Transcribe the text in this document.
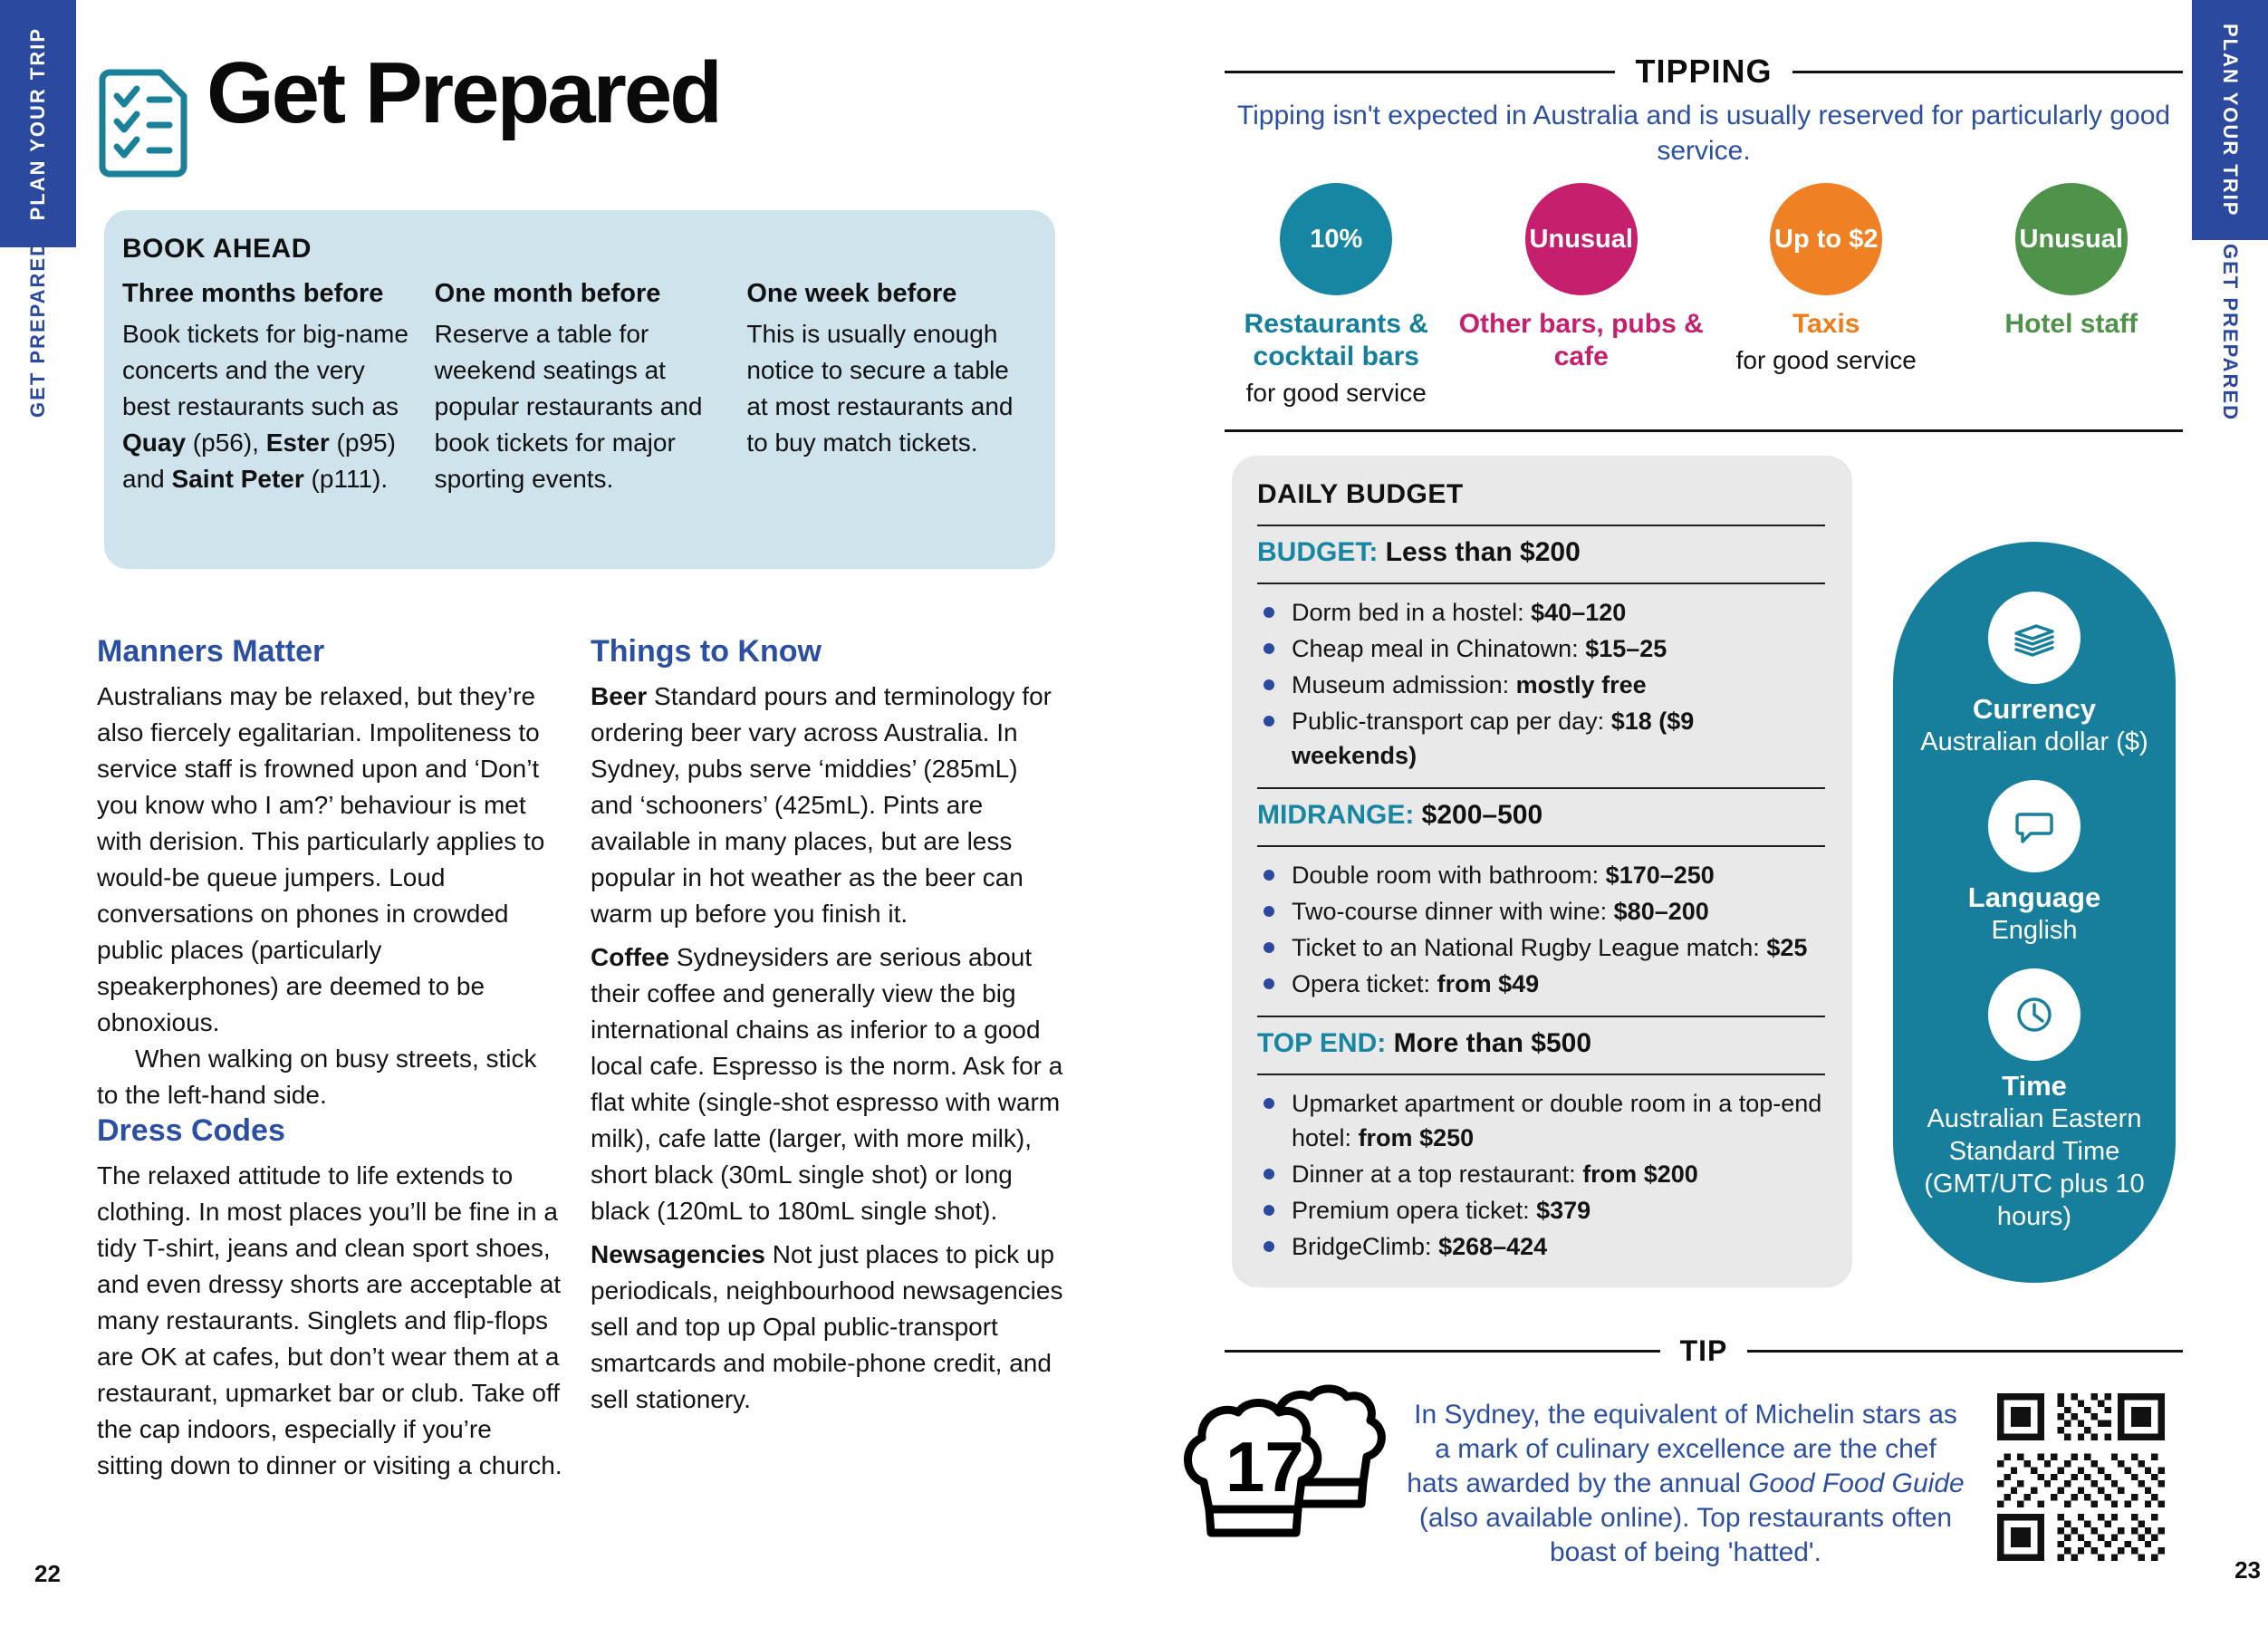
PLAN YOUR TRIP
GET PREPARED
PLAN YOUR TRIP
GET PREPARED
Get Prepared
BOOK AHEAD
Three months before

Book tickets for big-name concerts and the very best restaurants such as Quay (p56), Ester (p95) and Saint Peter (p111).

One month before

Reserve a table for weekend seatings at popular restaurants and book tickets for major sporting events.

One week before

This is usually enough notice to secure a table at most restaurants and to buy match tickets.

Manners Matter

Australians may be relaxed, but they’re also fiercely egalitarian. Impoliteness to service staff is frowned upon and ‘Don’t you know who I am?’ behaviour is met with derision. This particularly applies to would-be queue jumpers. Loud conversations on phones in crowded public places (particularly speakerphones) are deemed to be obnoxious.

When walking on busy streets, stick to the left-hand side.

Dress Codes

The relaxed attitude to life extends to clothing. In most places you’ll be fine in a tidy T-shirt, jeans and clean sport shoes, and even dressy shorts are acceptable at many restaurants. Singlets and flip-flops are OK at cafes, but don’t wear them at a restaurant, upmarket bar or club. Take off the cap indoors, especially if you’re sitting down to dinner or visiting a church.

Things to Know

Beer Standard pours and terminology for ordering beer vary across Australia. In Sydney, pubs serve ‘middies’ (285mL) and ‘schooners’ (425mL). Pints are available in many places, but are less popular in hot weather as the beer can warm up before you finish it.

Coffee Sydneysiders are serious about their coffee and generally view the big international chains as inferior to a good local cafe. Espresso is the norm. Ask for a flat white (single-shot espresso with warm milk), cafe latte (larger, with more milk), short black (30mL single shot) or long black (120mL to 180mL single shot).

Newsagencies Not just places to pick up periodicals, neighbourhood newsagencies sell and top up Opal public-transport smartcards and mobile-phone credit, and sell stationery.

TIPPING
Tipping isn't expected in Australia and is usually reserved for particularly good service.
10%
Restaurants & cocktail bars
for good service
Unusual
Other bars, pubs & cafe
Up to $2
Taxis
for good service
Unusual
Hotel staff
DAILY BUDGET
BUDGET: Less than $200
Dorm bed in a hostel: $40–120
Cheap meal in Chinatown: $15–25
Museum admission: mostly free
Public-transport cap per day: $18 ($9 weekends)
MIDRANGE: $200–500
Double room with bathroom: $170–250
Two-course dinner with wine: $80–200
Ticket to an National Rugby League match: $25
Opera ticket: from $49
TOP END: More than $500
Upmarket apartment or double room in a top-end hotel: from $250
Dinner at a top restaurant: from $200
Premium opera ticket: $379
BridgeClimb: $268–424
Currency
Australian dollar ($)
Language
English
Time
Australian Eastern Standard Time (GMT/UTC plus 10 hours)
TIP
17
In Sydney, the equivalent of Michelin stars as a mark of culinary excellence are the chef hats awarded by the annual Good Food Guide (also available online). Top restaurants often boast of being 'hatted'.
22	23
